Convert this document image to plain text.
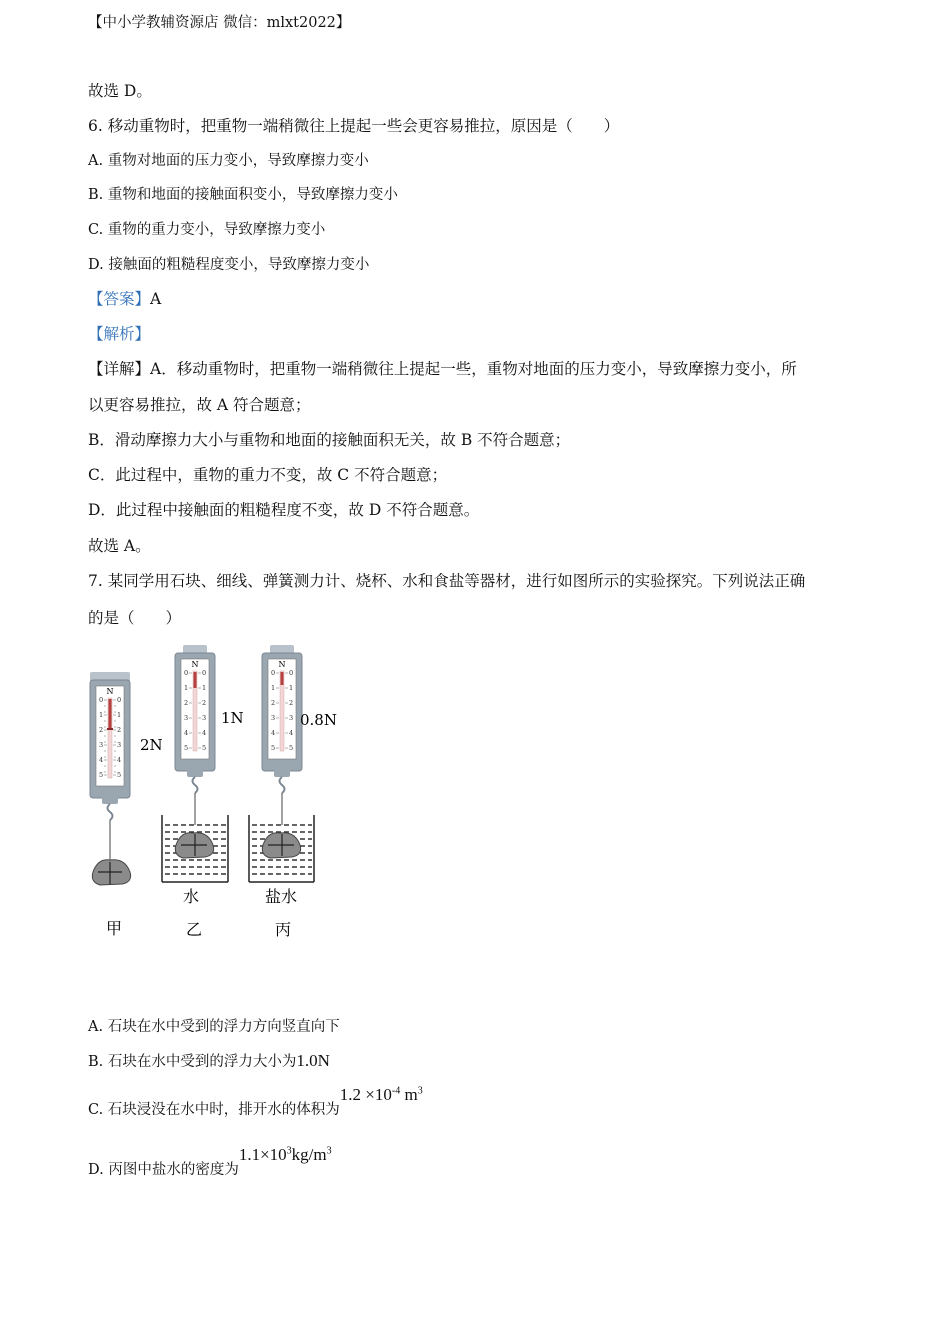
【中小学教辅资源店 微信：mlxt2022】
故选 D。
6. 移动重物时，把重物一端稍微往上提起一些会更容易推拉，原因是（　　）
A. 重物对地面的压力变小，导致摩擦力变小
B. 重物和地面的接触面积变小，导致摩擦力变小
C. 重物的重力变小，导致摩擦力变小
D. 接触面的粗糙程度变小，导致摩擦力变小
【答案】A
【解析】
【详解】A．移动重物时，把重物一端稍微往上提起一些，重物对地面的压力变小，导致摩擦力变小，所
以更容易推拉，故 A 符合题意；
B．滑动摩擦力大小与重物和地面的接触面积无关，故 B 不符合题意；
C．此过程中，重物的重力不变，故 C 不符合题意；
D．此过程中接触面的粗糙程度不变，故 D 不符合题意。
故选 A。
7. 某同学用石块、细线、弹簧测力计、烧杯、水和食盐等器材，进行如图所示的实验探究。下列说法正确
的是（　　）
N
0
1
2
3
4
5
0
1
2
3
4
5
2N
甲
N
0
1
2
3
4
5
0
1
2
3
4
5
1N
水
乙
N
0
1
2
3
4
5
0
1
2
3
4
5
0.8N
盐水
丙
A. 石块在水中受到的浮力方向竖直向下
B. 石块在水中受到的浮力大小为1.0N
C. 石块浸没在水中时，排开水的体积为$1.2 \times 10^{-4}$ $m^3$
D. 丙图中盐水的密度为$1.1\times 10^3kg/m^3$
